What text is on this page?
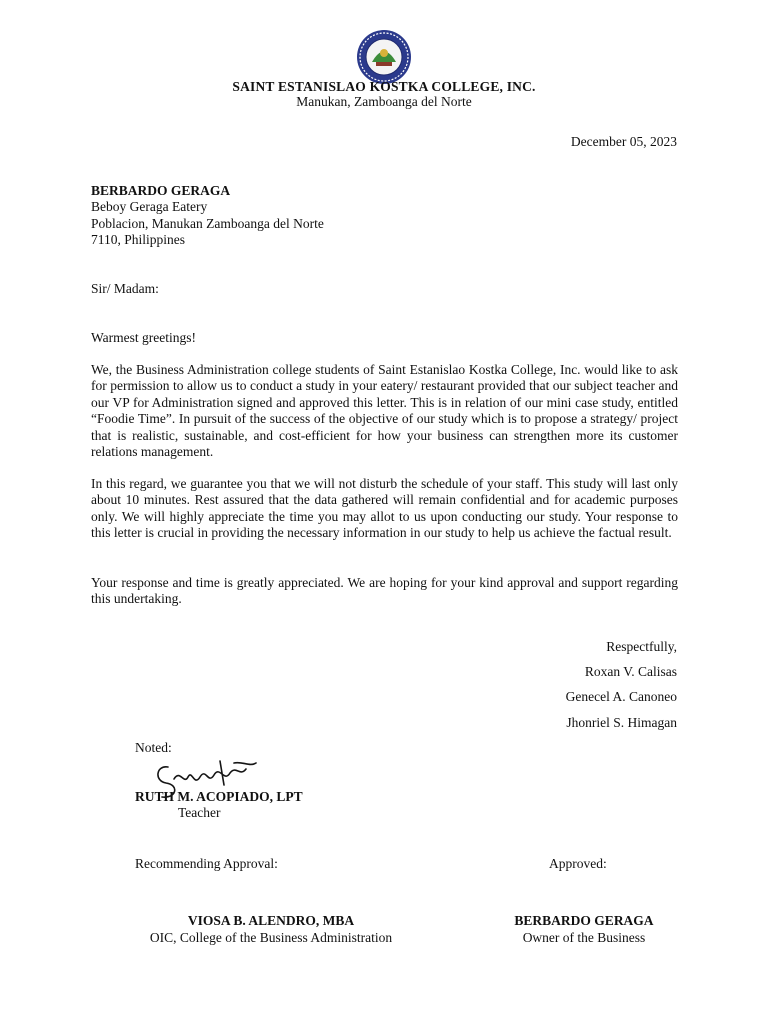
SAINT ESTANISLAO KOSTKA COLLEGE, INC.
Manukan, Zamboanga del Norte
December 05, 2023
BERBARDO GERAGA
Beboy Geraga Eatery
Poblacion, Manukan Zamboanga del Norte
7110, Philippines
Sir/ Madam:
Warmest greetings!
We, the Business Administration college students of Saint Estanislao Kostka College, Inc. would like to ask for permission to allow us to conduct a study in your eatery/ restaurant provided that our subject teacher and our VP for Administration signed and approved this letter. This is in relation of our mini case study, entitled “Foodie Time”. In pursuit of the success of the objective of our study which is to propose a strategy/ project that is realistic, sustainable, and cost-efficient for how your business can strengthen more its customer relations management.
In this regard, we guarantee you that we will not disturb the schedule of your staff. This study will last only about 10 minutes. Rest assured that the data gathered will remain confidential and for academic purposes only. We will highly appreciate the time you may allot to us upon conducting our study. Your response to this letter is crucial in providing the necessary information in our study to help us achieve the factual result.
Your response and time is greatly appreciated. We are hoping for your kind approval and support regarding this undertaking.
Respectfully,
Roxan V. Calisas
Genecel A. Canoneo
Jhonriel S. Himagan
Noted:
RUTH M. ACOPIADO, LPT
Teacher
Recommending Approval:	Approved:
VIOSA B. ALENDRO, MBA
OIC, College of the Business Administration
BERBARDO GERAGA
Owner of the Business
